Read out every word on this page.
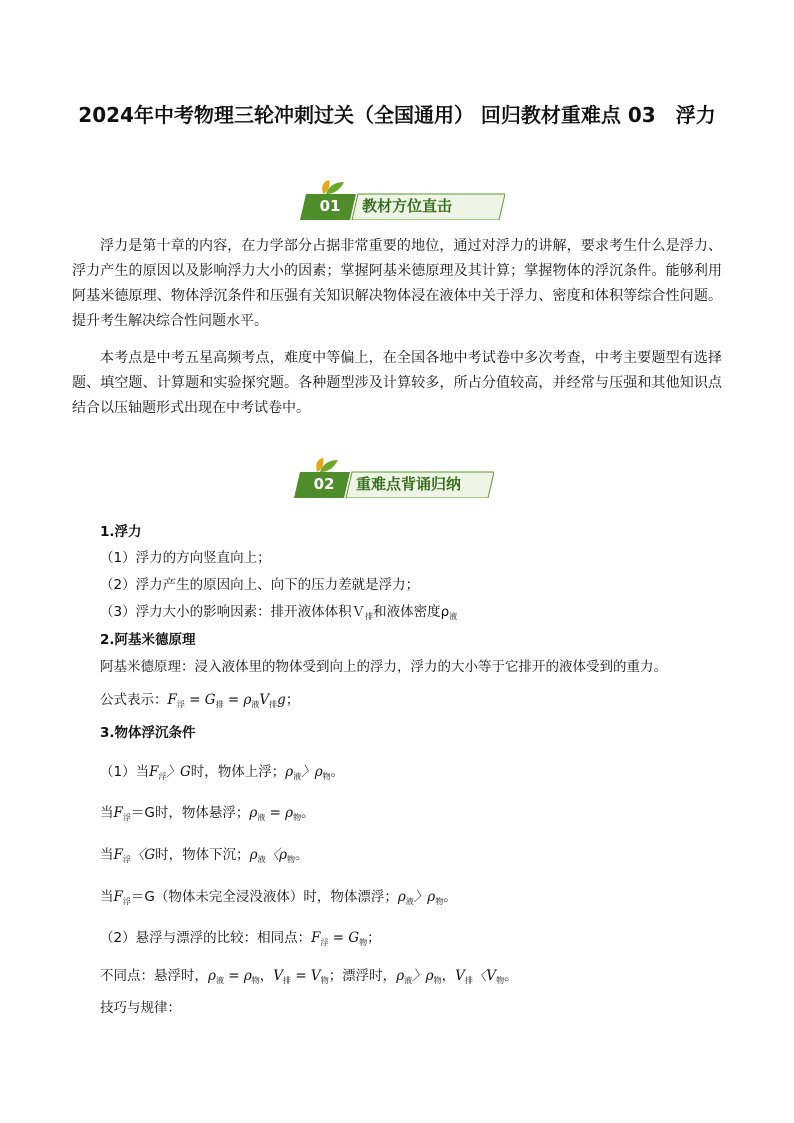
2024年中考物理三轮冲刺过关（全国通用） 回归教材重难点 03　浮力
01	教材方位直击

浮力是第十章的内容，在力学部分占据非常重要的地位，通过对浮力的讲解，要求考生什么是浮力、浮力产生的原因以及影响浮力大小的因素；掌握阿基米德原理及其计算；掌握物体的浮沉条件。能够利用阿基米德原理、物体浮沉条件和压强有关知识解决物体浸在液体中关于浮力、密度和体积等综合性问题。提升考生解决综合性问题水平。

本考点是中考五星高频考点，难度中等偏上，在全国各地中考试卷中多次考查，中考主要题型有选择题、填空题、计算题和实验探究题。各种题型涉及计算较多，所占分值较高，并经常与压强和其他知识点结合以压轴题形式出现在中考试卷中。

02	重难点背诵归纳
1.浮力
（1）浮力的方向竖直向上；
（2）浮力产生的原因向上、向下的压力差就是浮力；
（3）浮力大小的影响因素：排开液体体积Ｖ$_排$和液体密度$\rho_液$
2.阿基米德原理
阿基米德原理：浸入液体里的物体受到向上的浮力，浮力的大小等于它排开的液体受到的重力。
公式表示：$F_浮 = G_排 = \rho_液V_排g$；
3.物体浮沉条件
（1）当$F_浮$〉G时，物体上浮；$\rho_液$〉$\rho_物$。
当$F_浮=G$时，物体悬浮；$\rho_液 = \rho_物$。
当$F_浮$〈G时，物体下沉；$\rho_液$〈$\rho_物$。
当$F_浮=G$（物体未完全浸没液体）时，物体漂浮；$\rho_液$〉$\rho_物$。
（2）悬浮与漂浮的比较：相同点：$F_浮 = G_物$；
不同点：悬浮时，$\rho_液 = \rho_物$，$V_排 = V_物$；漂浮时，$\rho_液$〉$\rho_物$，$V_排$〈$V_物$。
技巧与规律：
